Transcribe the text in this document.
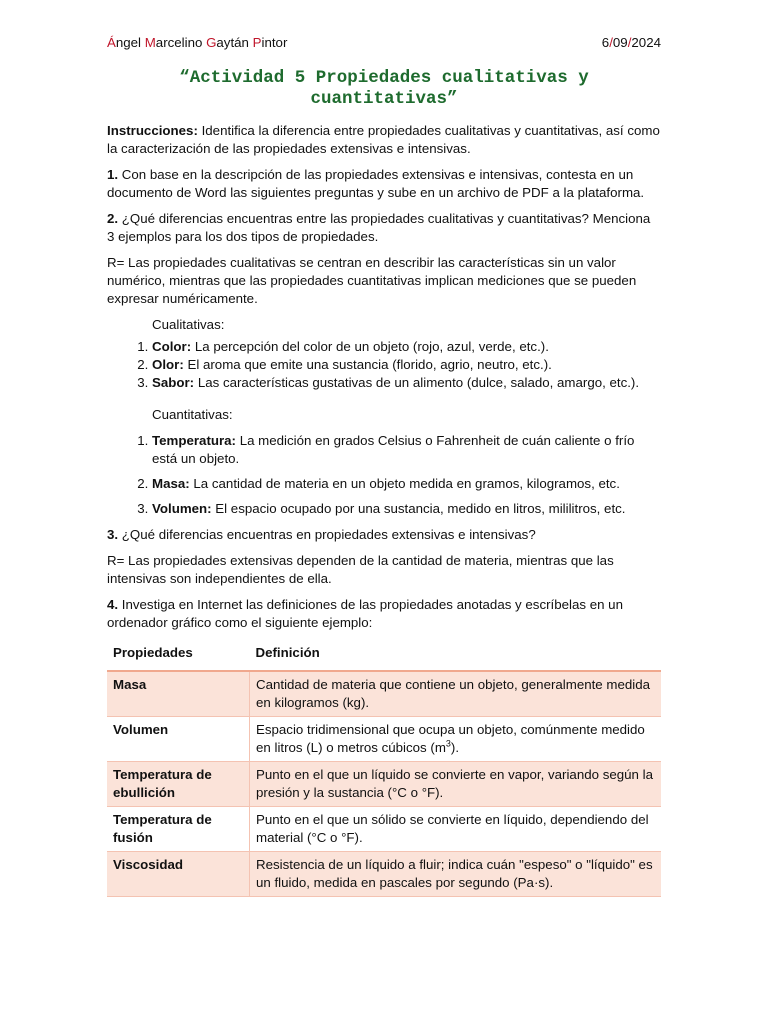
Ángel Marcelino Gaytán Pintor	6/09/2024
“Actividad 5 Propiedades cualitativas y cuantitativas”

Instrucciones: Identifica la diferencia entre propiedades cualitativas y cuantitativas, así como la caracterización de las propiedades extensivas e intensivas.

1. Con base en la descripción de las propiedades extensivas e intensivas, contesta en un documento de Word las siguientes preguntas y sube en un archivo de PDF a la plataforma.

2. ¿Qué diferencias encuentras entre las propiedades cualitativas y cuantitativas? Menciona 3 ejemplos para los dos tipos de propiedades.

R= Las propiedades cualitativas se centran en describir las características sin un valor numérico, mientras que las propiedades cuantitativas implican mediciones que se pueden expresar numéricamente.

Cualitativas:

1. Color: La percepción del color de un objeto (rojo, azul, verde, etc.).
2. Olor: El aroma que emite una sustancia (florido, agrio, neutro, etc.).
3. Sabor: Las características gustativas de un alimento (dulce, salado, amargo, etc.).

Cuantitativas:

1. Temperatura: La medición en grados Celsius o Fahrenheit de cuán caliente o frío está un objeto.
2. Masa: La cantidad de materia en un objeto medida en gramos, kilogramos, etc.
3. Volumen: El espacio ocupado por una sustancia, medido en litros, mililitros, etc.

3. ¿Qué diferencias encuentras en propiedades extensivas e intensivas?

R= Las propiedades extensivas dependen de la cantidad de materia, mientras que las intensivas son independientes de ella.

4. Investiga en Internet las definiciones de las propiedades anotadas y escríbelas en un ordenador gráfico como el siguiente ejemplo:

Propiedades	Definición
Masa	Cantidad de materia que contiene un objeto, generalmente medida en kilogramos (kg).
Volumen	Espacio tridimensional que ocupa un objeto, comúnmente medido en litros (L) o metros cúbicos $(m^3)$.
Temperatura de ebullición	Punto en el que un líquido se convierte en vapor, variando según la presión y la sustancia (°C o °F).
Temperatura de fusión	Punto en el que un sólido se convierte en líquido, dependiendo del material (°C o °F).
Viscosidad	Resistencia de un líquido a fluir; indica cuán "espeso" o "líquido" es un fluido, medida en pascales por segundo (Pa·s).
